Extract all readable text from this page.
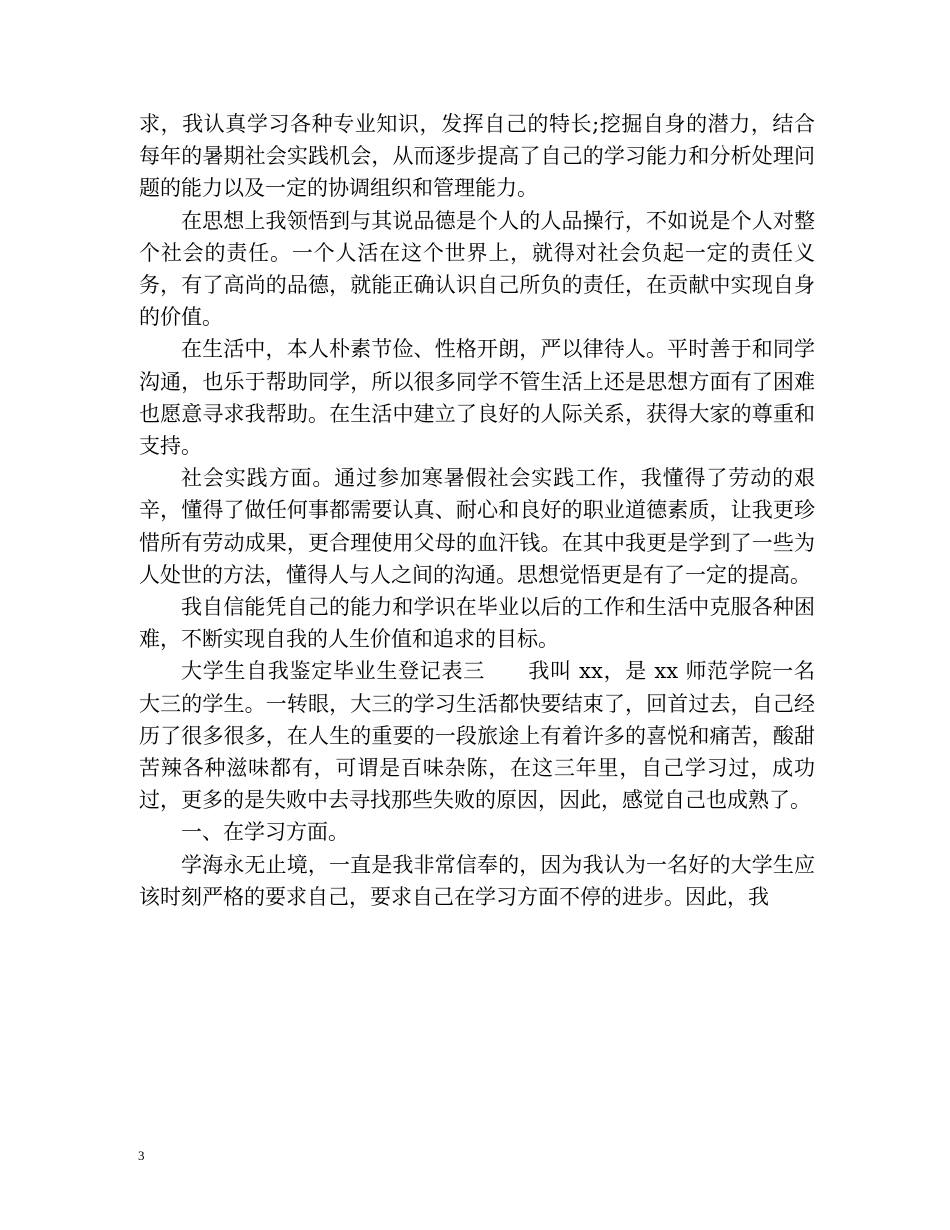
求，我认真学习各种专业知识，发挥自己的特长;挖掘自身的潜力，结合每年的暑期社会实践机会，从而逐步提高了自己的学习能力和分析处理问题的能力以及一定的协调组织和管理能力。

在思想上我领悟到与其说品德是个人的人品操行，不如说是个人对整个社会的责任。一个人活在这个世界上，就得对社会负起一定的责任义务，有了高尚的品德，就能正确认识自己所负的责任，在贡献中实现自身的价值。

在生活中，本人朴素节俭、性格开朗，严以律待人。平时善于和同学沟通，也乐于帮助同学，所以很多同学不管生活上还是思想方面有了困难也愿意寻求我帮助。在生活中建立了良好的人际关系，获得大家的尊重和支持。

社会实践方面。通过参加寒暑假社会实践工作，我懂得了劳动的艰辛，懂得了做任何事都需要认真、耐心和良好的职业道德素质，让我更珍惜所有劳动成果，更合理使用父母的血汗钱。在其中我更是学到了一些为人处世的方法，懂得人与人之间的沟通。思想觉悟更是有了一定的提高。

我自信能凭自己的能力和学识在毕业以后的工作和生活中克服各种困难，不断实现自我的人生价值和追求的目标。

大学生自我鉴定毕业生登记表三　　我叫 xx，是 xx 师范学院一名大三的学生。一转眼，大三的学习生活都快要结束了，回首过去，自己经历了很多很多，在人生的重要的一段旅途上有着许多的喜悦和痛苦，酸甜苦辣各种滋味都有，可谓是百味杂陈，在这三年里，自己学习过，成功过，更多的是失败中去寻找那些失败的原因，因此，感觉自己也成熟了。

一、在学习方面。

学海永无止境，一直是我非常信奉的，因为我认为一名好的大学生应该时刻严格的要求自己，要求自己在学习方面不停的进步。因此，我

3
